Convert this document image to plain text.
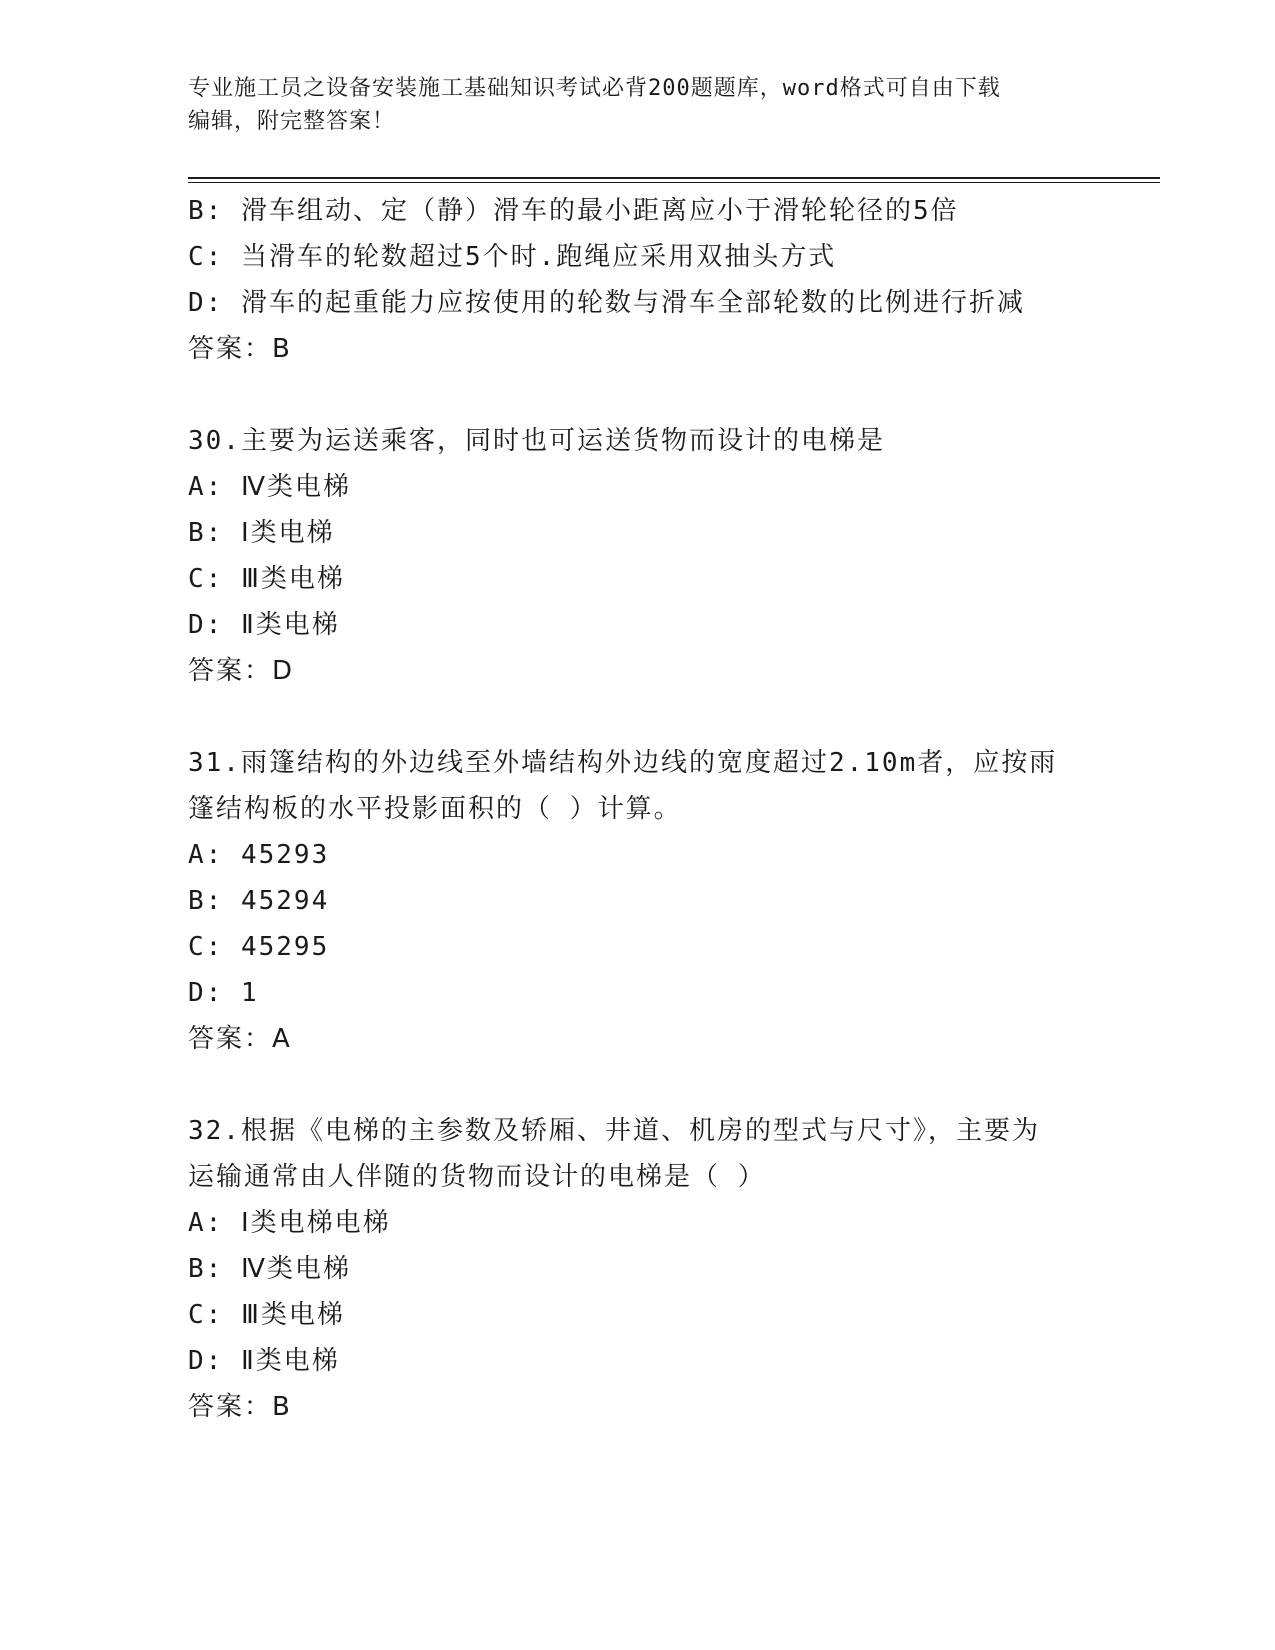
专业施工员之设备安装施工基础知识考试必背200题题库，word格式可自由下载
编辑，附完整答案！
B: 滑车组动、定（静）滑车的最小距离应小于滑轮轮径的5倍
C: 当滑车的轮数超过5个时.跑绳应采用双抽头方式
D: 滑车的起重能力应按使用的轮数与滑车全部轮数的比例进行折减
答案：B
30.主要为运送乘客，同时也可运送货物而设计的电梯是
A: Ⅳ类电梯
B: Ⅰ类电梯
C: Ⅲ类电梯
D: Ⅱ类电梯
答案：D
31.雨篷结构的外边线至外墙结构外边线的宽度超过2.10m者，应按雨
篷结构板的水平投影面积的（ ）计算。
A: 45293
B: 45294
C: 45295
D: 1
答案：A
32.根据《电梯的主参数及轿厢、井道、机房的型式与尺寸》，主要为
运输通常由人伴随的货物而设计的电梯是（ ）
A: Ⅰ类电梯电梯
B: Ⅳ类电梯
C: Ⅲ类电梯
D: Ⅱ类电梯
答案：B
